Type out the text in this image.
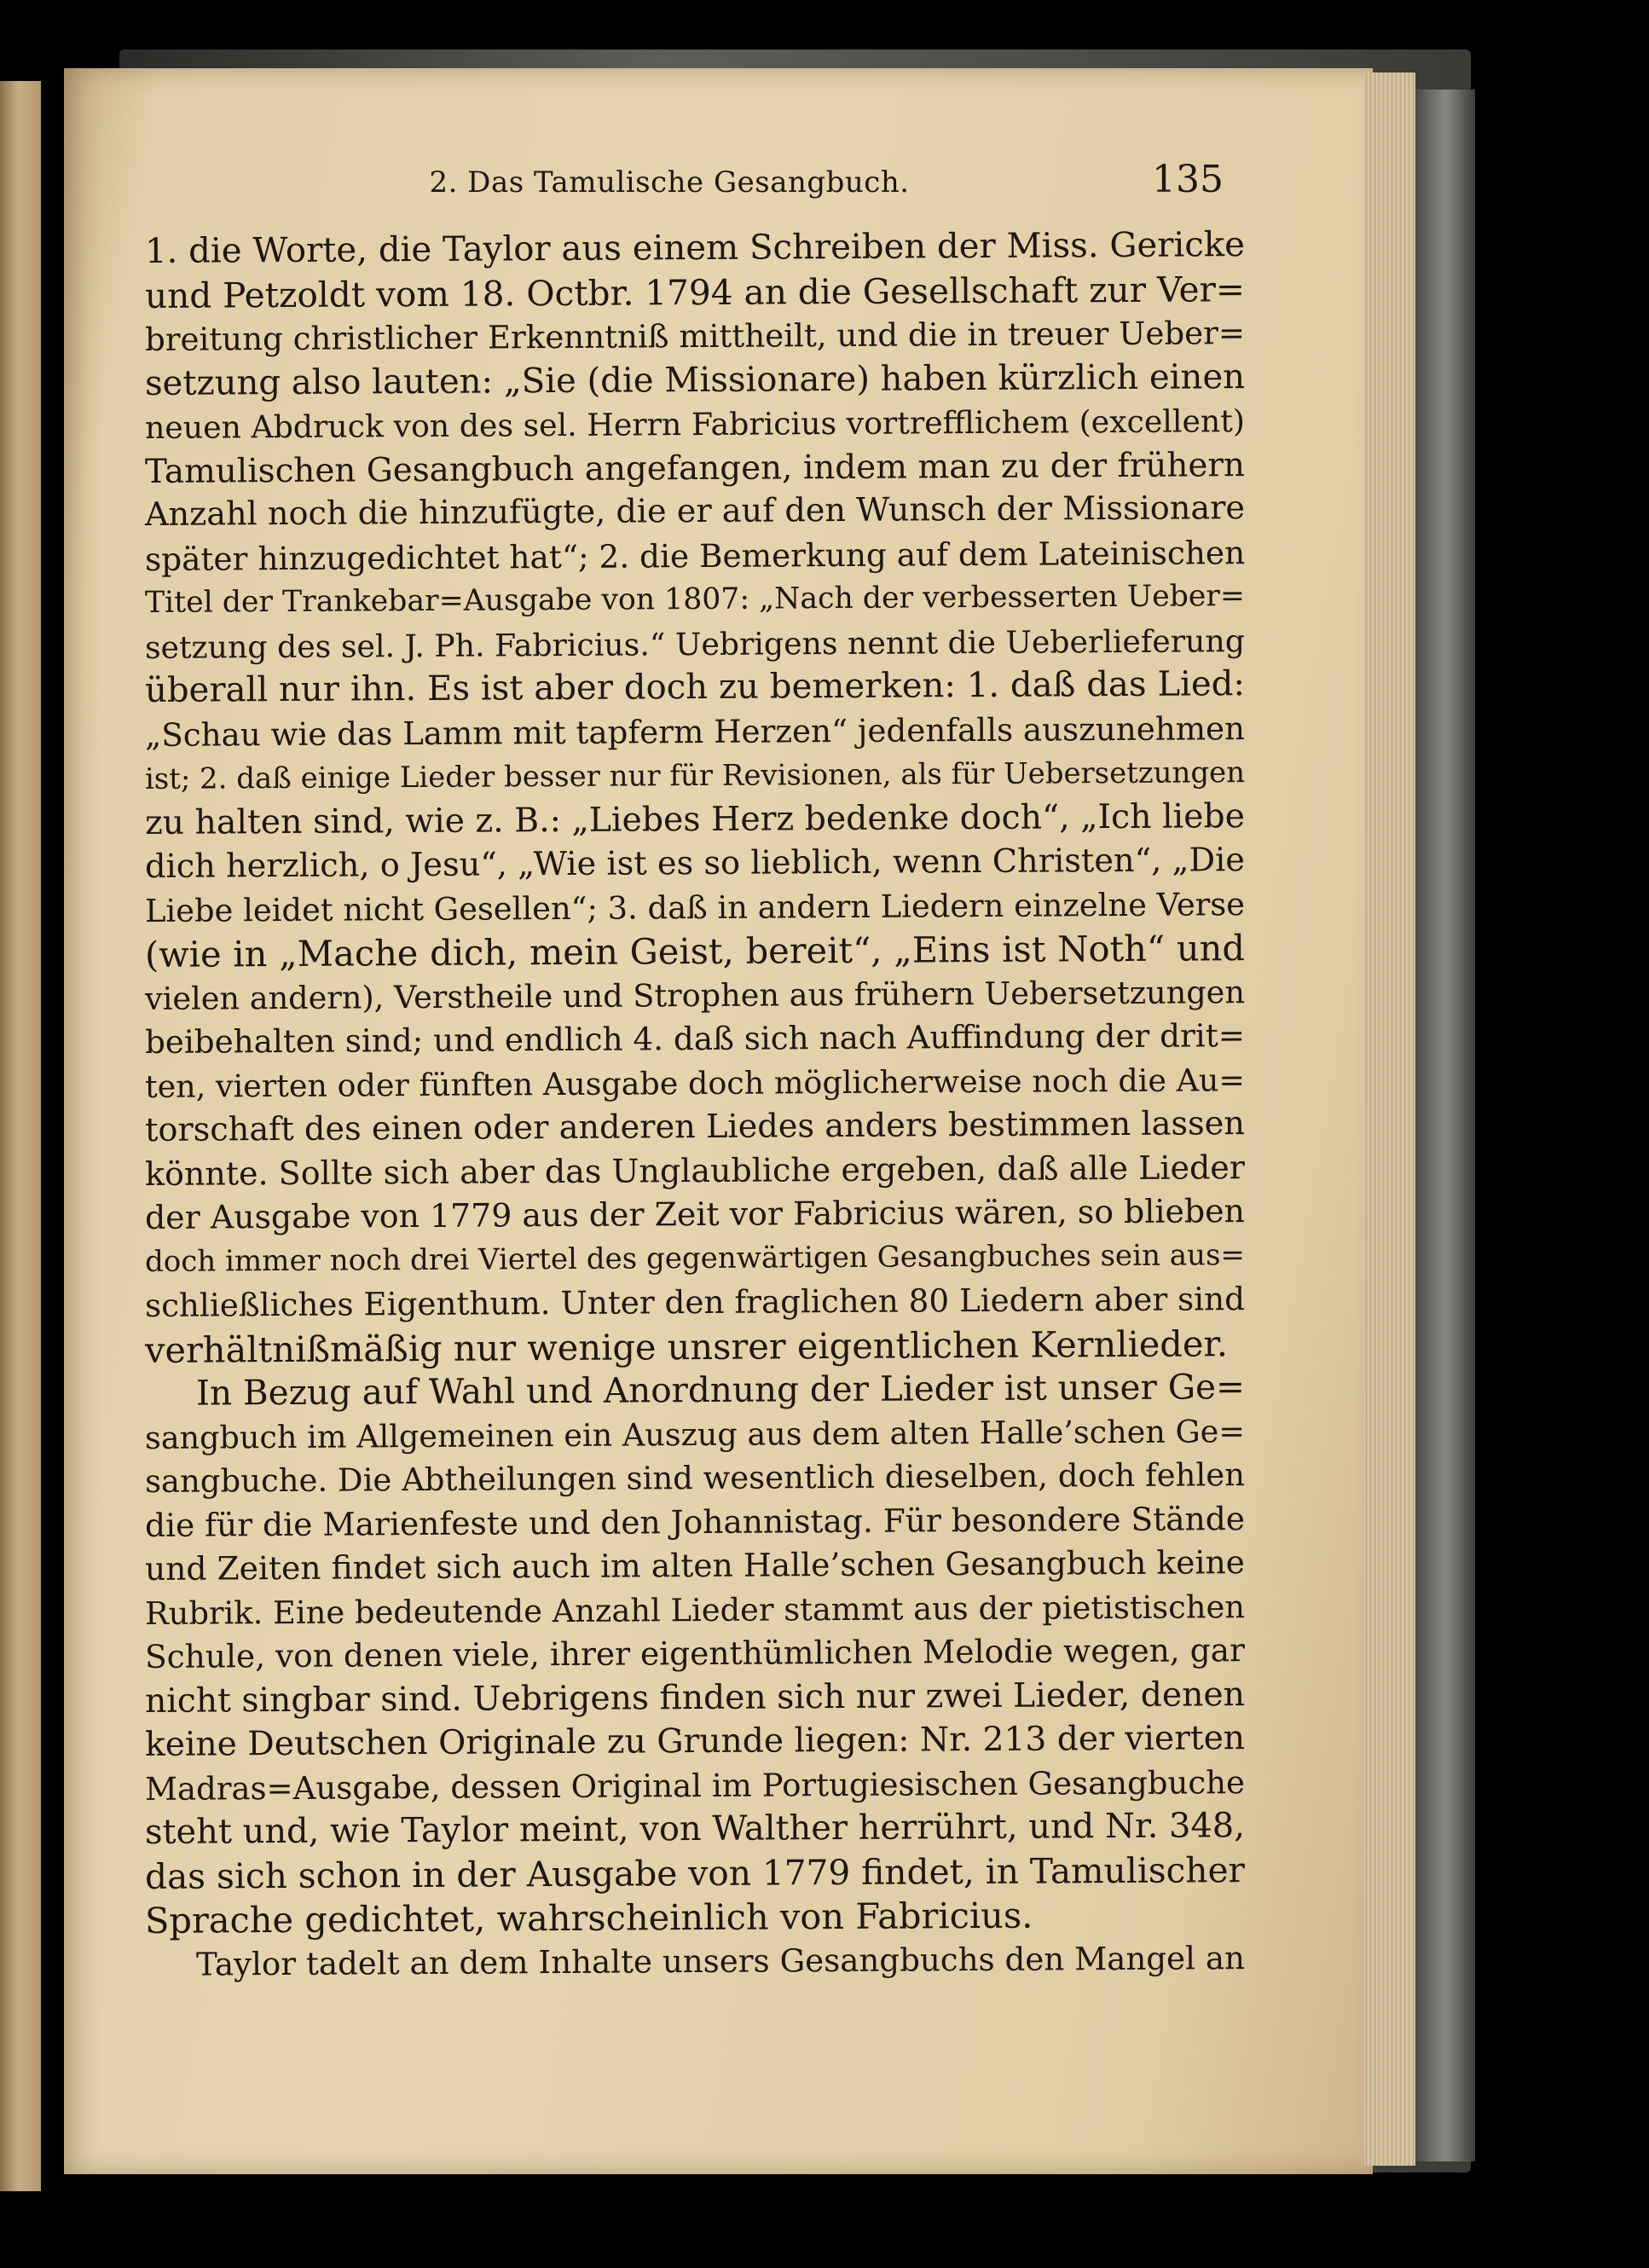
2. Das Tamulische Gesangbuch.	135
1. die Worte, die Taylor aus einem Schreiben der Miss. Gericke
und Petzoldt vom 18. Octbr. 1794 an die Gesellschaft zur Ver=
breitung christlicher Erkenntniß mittheilt, und die in treuer Ueber=
setzung also lauten: „Sie (die Missionare) haben kürzlich einen
neuen Abdruck von des sel. Herrn Fabricius vortrefflichem (excellent)
Tamulischen Gesangbuch angefangen, indem man zu der frühern
Anzahl noch die hinzufügte, die er auf den Wunsch der Missionare
später hinzugedichtet hat“; 2. die Bemerkung auf dem Lateinischen
Titel der Trankebar=Ausgabe von 1807: „Nach der verbesserten Ueber=
setzung des sel. J. Ph. Fabricius.“ Uebrigens nennt die Ueberlieferung
überall nur ihn. Es ist aber doch zu bemerken: 1. daß das Lied:
„Schau wie das Lamm mit tapferm Herzen“ jedenfalls auszunehmen
ist; 2. daß einige Lieder besser nur für Revisionen, als für Uebersetzungen
zu halten sind, wie z. B.: „Liebes Herz bedenke doch“, „Ich liebe
dich herzlich, o Jesu“, „Wie ist es so lieblich, wenn Christen“, „Die
Liebe leidet nicht Gesellen“; 3. daß in andern Liedern einzelne Verse
(wie in „Mache dich, mein Geist, bereit“, „Eins ist Noth“ und
vielen andern), Verstheile und Strophen aus frühern Uebersetzungen
beibehalten sind; und endlich 4. daß sich nach Auffindung der drit=
ten, vierten oder fünften Ausgabe doch möglicherweise noch die Au=
torschaft des einen oder anderen Liedes anders bestimmen lassen
könnte. Sollte sich aber das Unglaubliche ergeben, daß alle Lieder
der Ausgabe von 1779 aus der Zeit vor Fabricius wären, so blieben
doch immer noch drei Viertel des gegenwärtigen Gesangbuches sein aus=
schließliches Eigenthum. Unter den fraglichen 80 Liedern aber sind
verhältnißmäßig nur wenige unsrer eigentlichen Kernlieder.
In Bezug auf Wahl und Anordnung der Lieder ist unser Ge=
sangbuch im Allgemeinen ein Auszug aus dem alten Halle’schen Ge=
sangbuche. Die Abtheilungen sind wesentlich dieselben, doch fehlen
die für die Marienfeste und den Johannistag. Für besondere Stände
und Zeiten findet sich auch im alten Halle’schen Gesangbuch keine
Rubrik. Eine bedeutende Anzahl Lieder stammt aus der pietistischen
Schule, von denen viele, ihrer eigenthümlichen Melodie wegen, gar
nicht singbar sind. Uebrigens finden sich nur zwei Lieder, denen
keine Deutschen Originale zu Grunde liegen: Nr. 213 der vierten
Madras=Ausgabe, dessen Original im Portugiesischen Gesangbuche
steht und, wie Taylor meint, von Walther herrührt, und Nr. 348,
das sich schon in der Ausgabe von 1779 findet, in Tamulischer
Sprache gedichtet, wahrscheinlich von Fabricius.
Taylor tadelt an dem Inhalte unsers Gesangbuchs den Mangel an
